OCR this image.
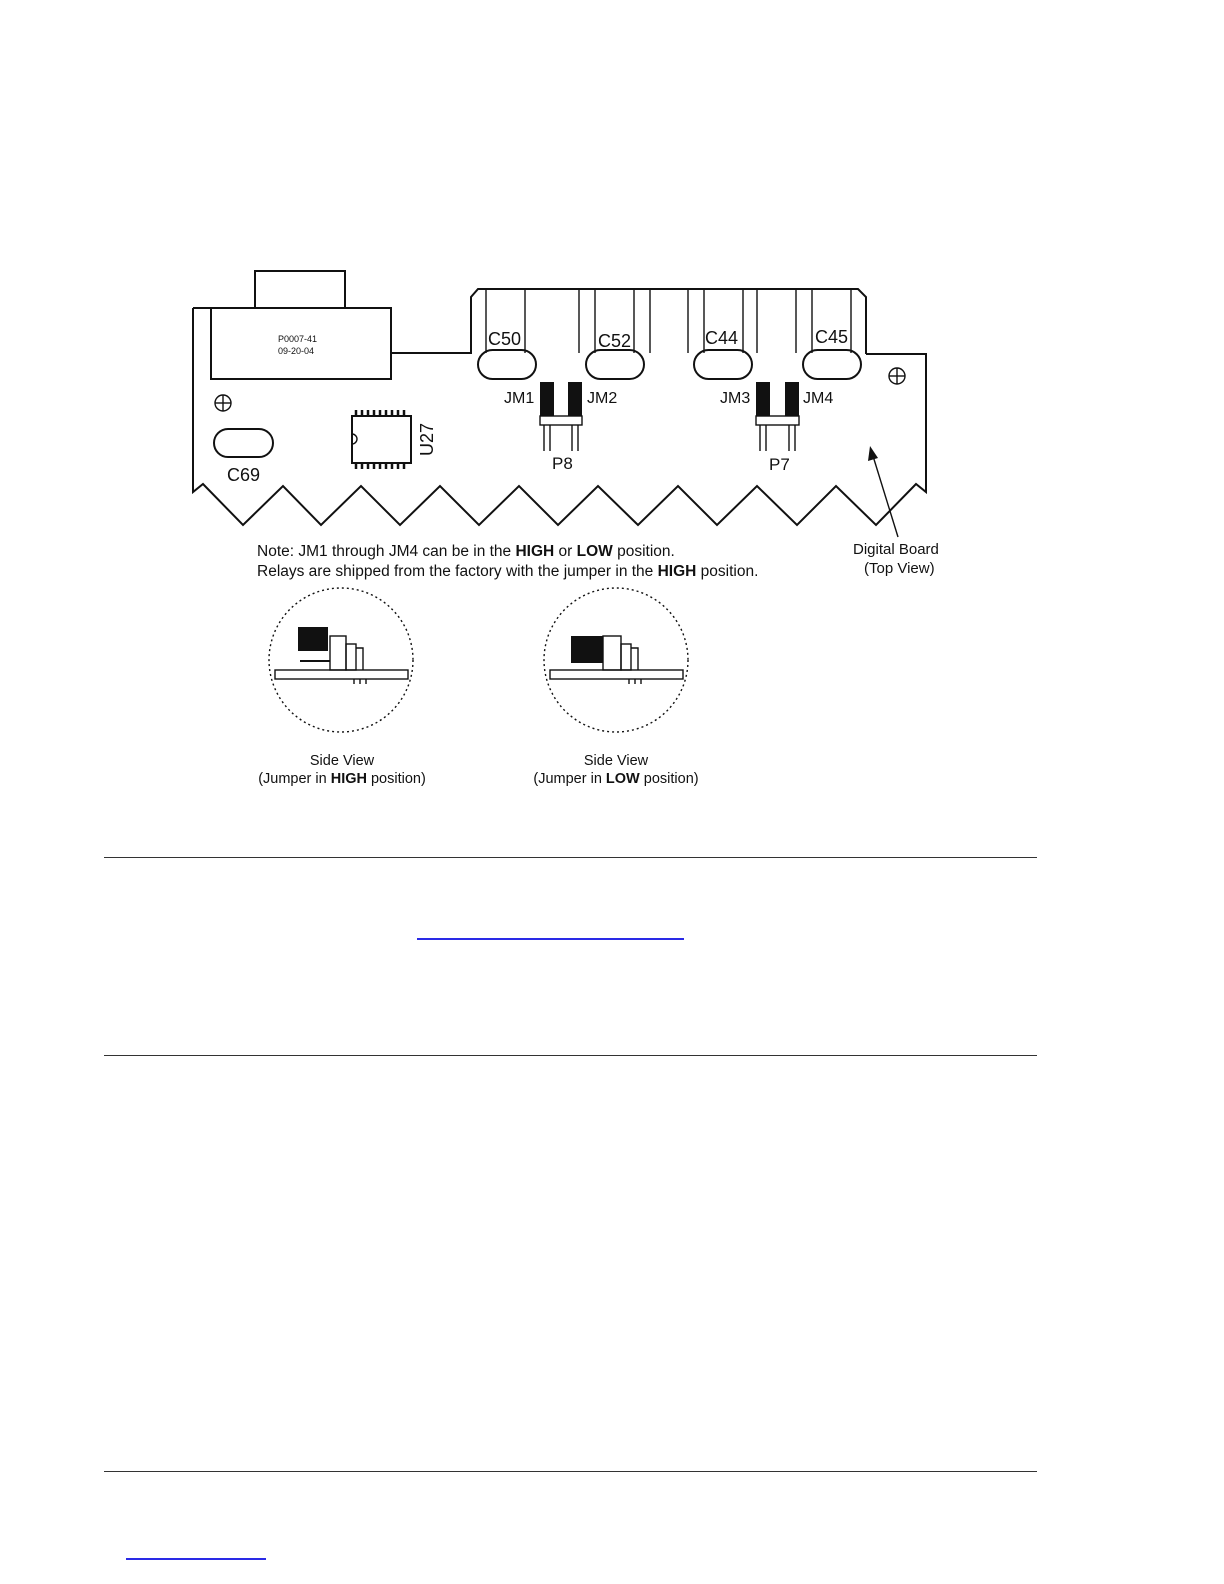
P0007-41
09-20-04
C69
C50	C52	C44	C45
U27
JM1	JM2
P8
JM3	JM4
P7
Digital Board
(Top View)
Note: JM1 through JM4 can be in the HIGH or LOW position.
Relays are shipped from the factory with the jumper in the HIGH position.
Side View
(Jumper in HIGH position)
Side View
(Jumper in LOW position)
